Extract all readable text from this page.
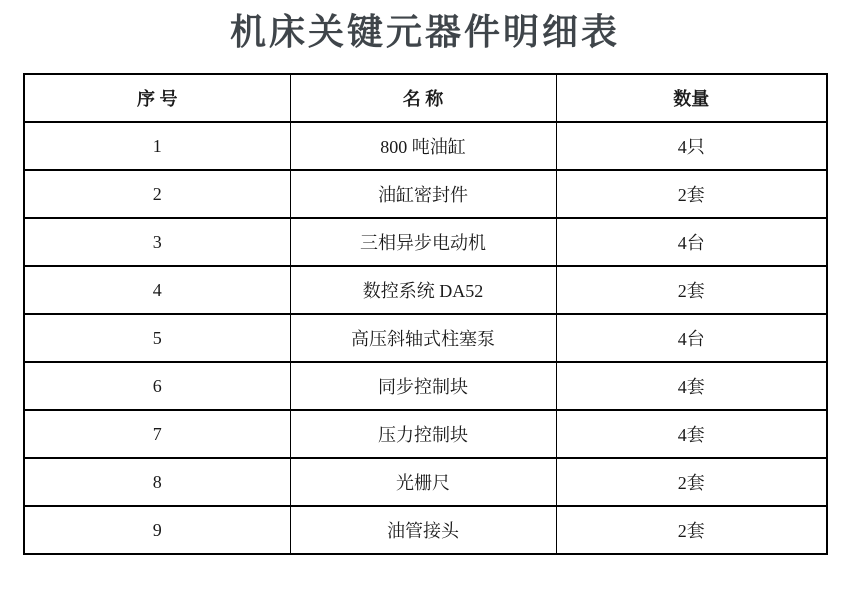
机床关键元器件明细表
序 号	名 称	数量
1	800 吨油缸	4只
2	油缸密封件	2套
3	三相异步电动机	4台
4	数控系统 DA52	2套
5	高压斜轴式柱塞泵	4台
6	同步控制块	4套
7	压力控制块	4套
8	光栅尺	2套
9	油管接头	2套
